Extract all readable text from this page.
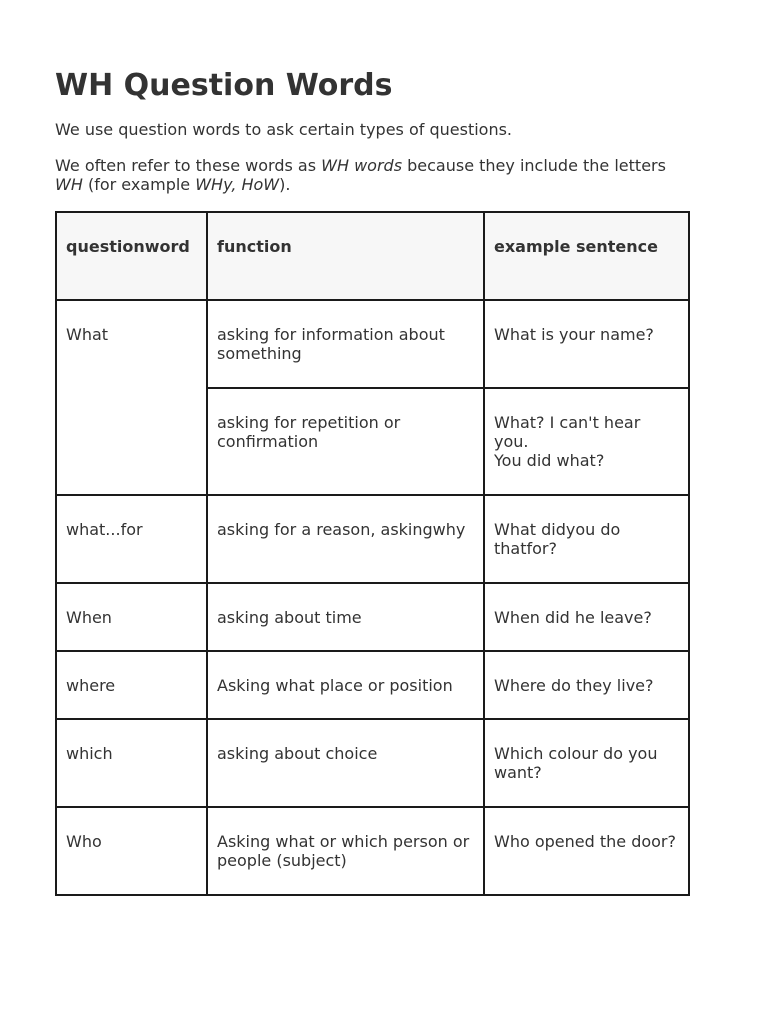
WH Question Words

We use question words to ask certain types of questions.

We often refer to these words as WH words because they include the letters WH (for example WHy, HoW).

questionword	function	example sentence
What	asking for information about something	What is your name?
	asking for repetition or confirmation	What? I can't hear you.
You did what?
what...for	asking for a reason, askingwhy	What didyou do thatfor?
When	asking about time	When did he leave?
where	Asking what place or position	Where do they live?
which	asking about choice	Which colour do you want?
Who	Asking what or which person or people (subject)	Who opened the door?
